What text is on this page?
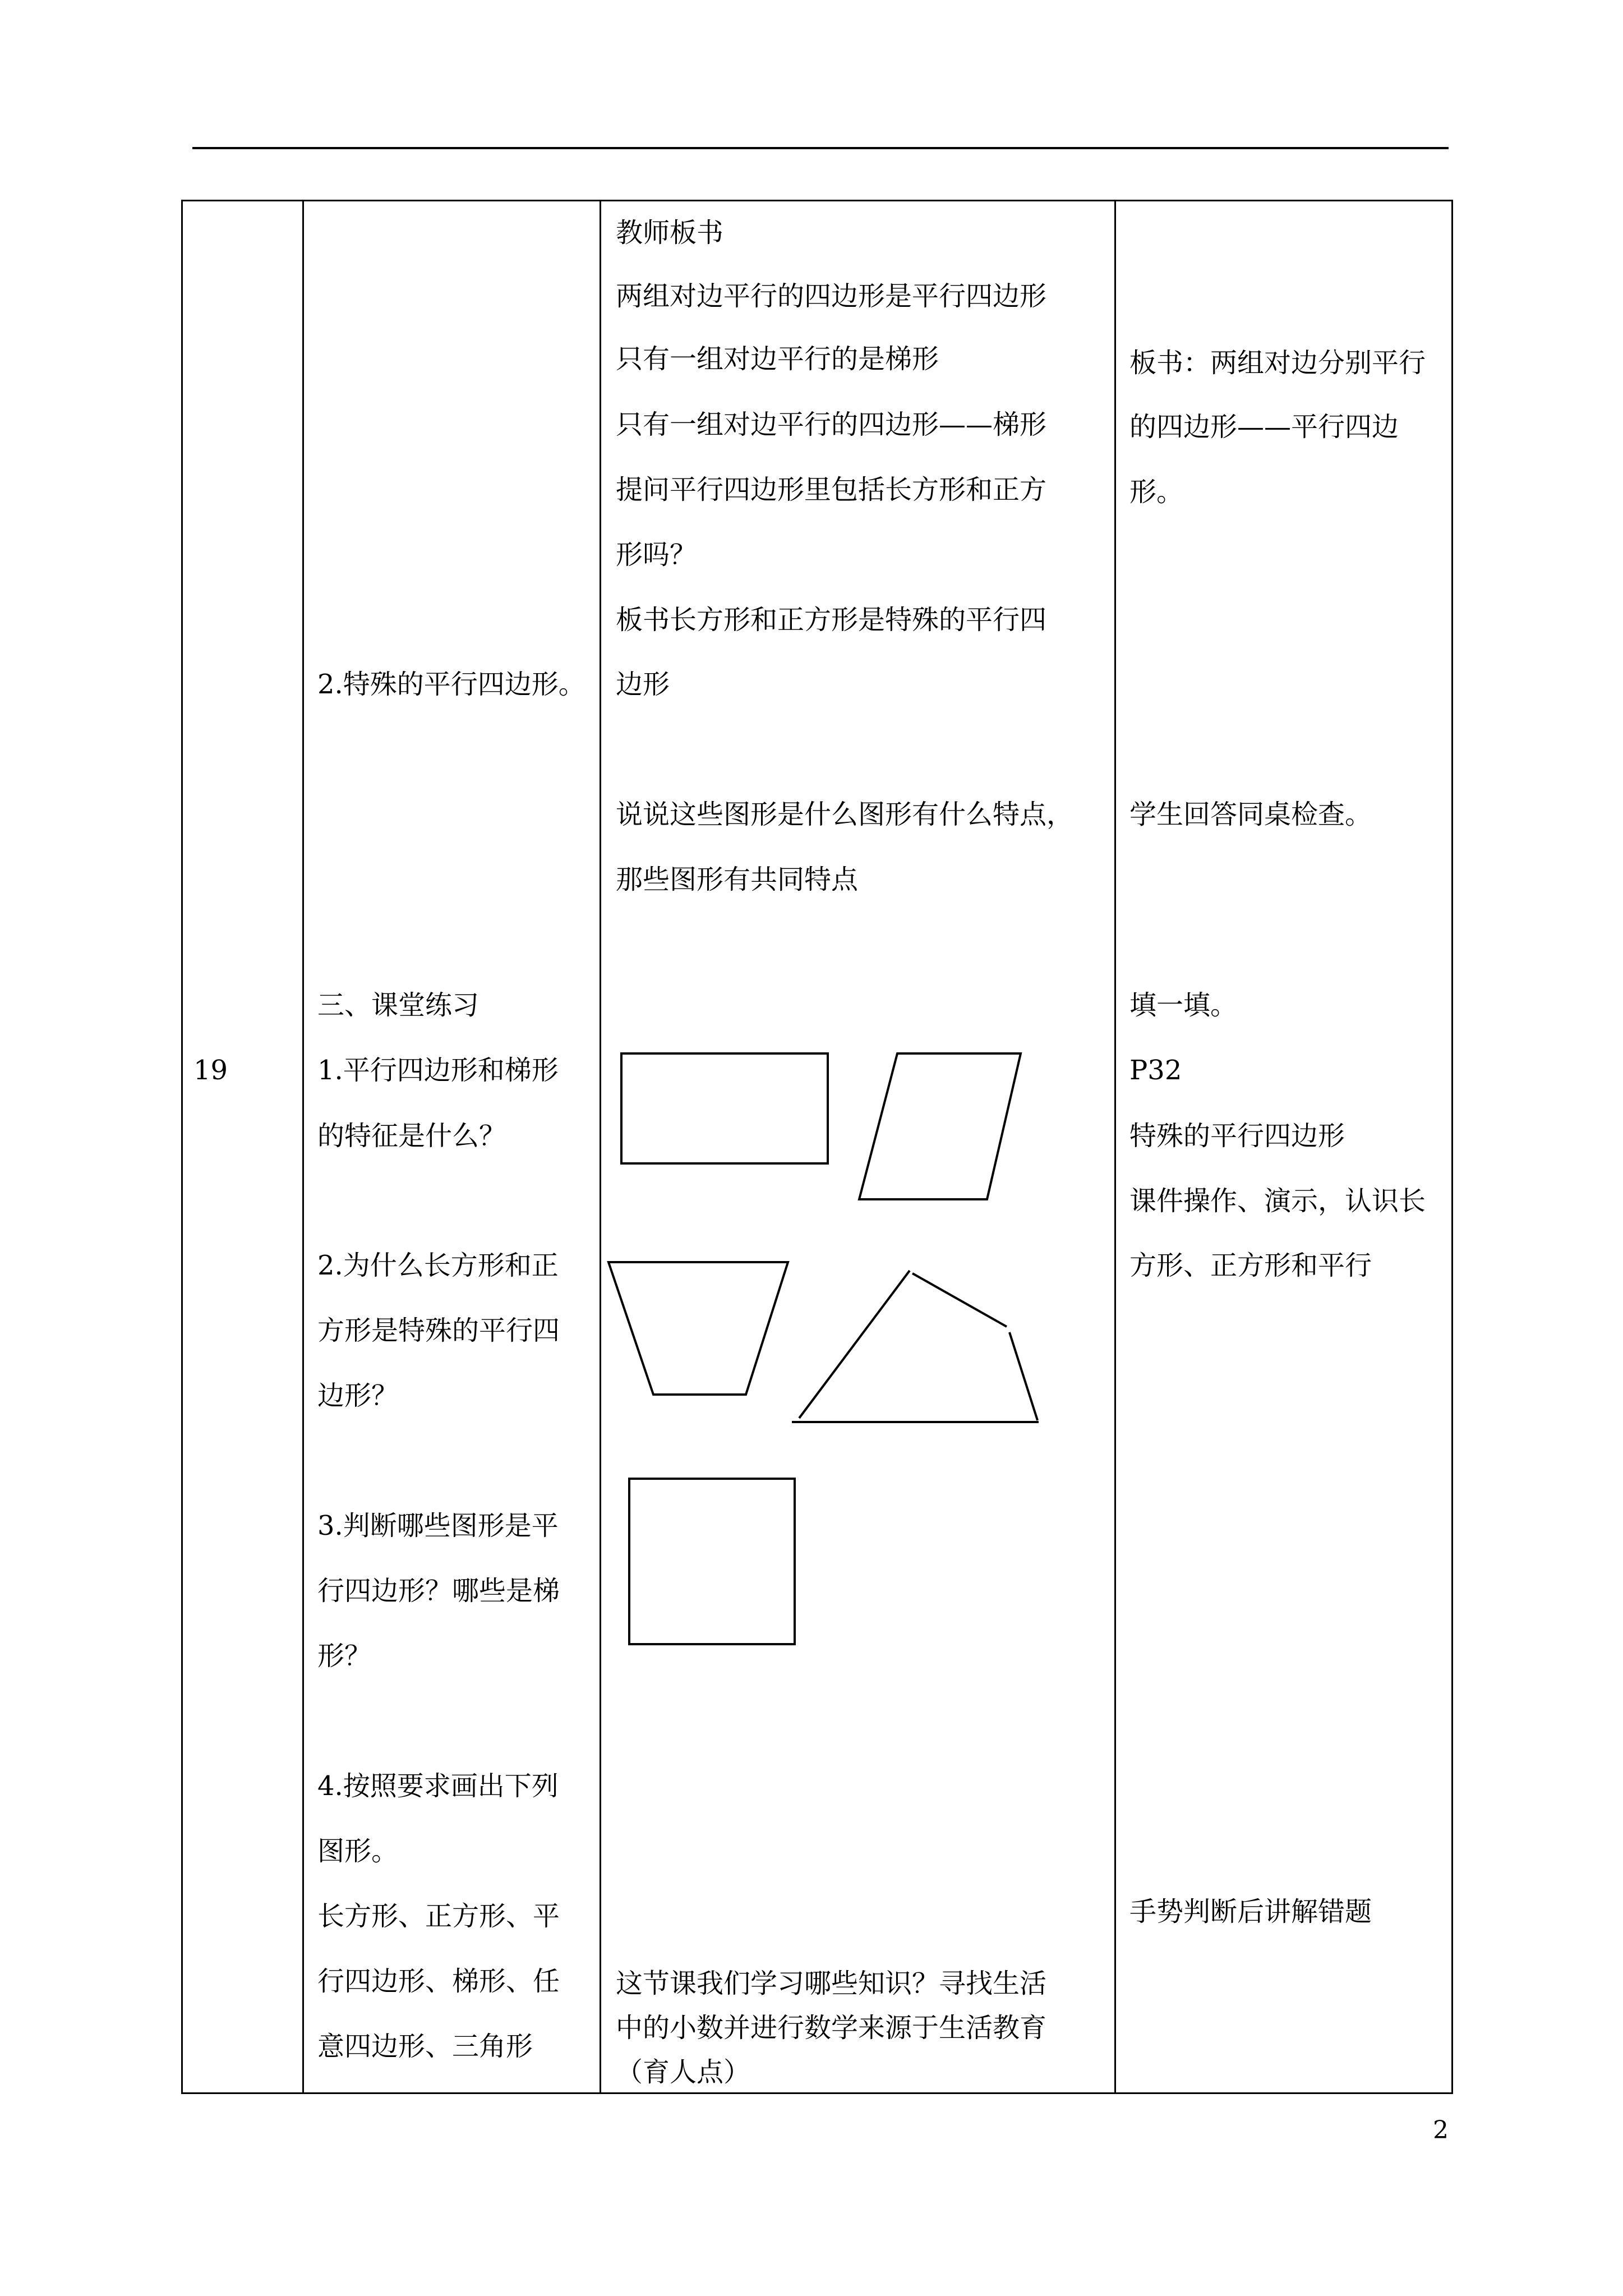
19
2.特殊的平行四边形。
三、课堂练习
1.平行四边形和梯形
的特征是什么？
2.为什么长方形和正
方形是特殊的平行四
边形？
3.判断哪些图形是平
行四边形？哪些是梯
形？
4.按照要求画出下列
图形。
长方形、正方形、平
行四边形、梯形、任
意四边形、三角形
教师板书
两组对边平行的四边形是平行四边形
只有一组对边平行的是梯形
只有一组对边平行的四边形——梯形
提问平行四边形里包括长方形和正方
形吗？
板书长方形和正方形是特殊的平行四
边形
说说这些图形是什么图形有什么特点，
那些图形有共同特点
这节课我们学习哪些知识？寻找生活
中的小数并进行数学来源于生活教育
（育人点）
板书：两组对边分别平行
的四边形——平行四边
形。
学生回答同桌检查。
填一填。
P32
特殊的平行四边形
课件操作、演示，认识长
方形、正方形和平行
手势判断后讲解错题
2
